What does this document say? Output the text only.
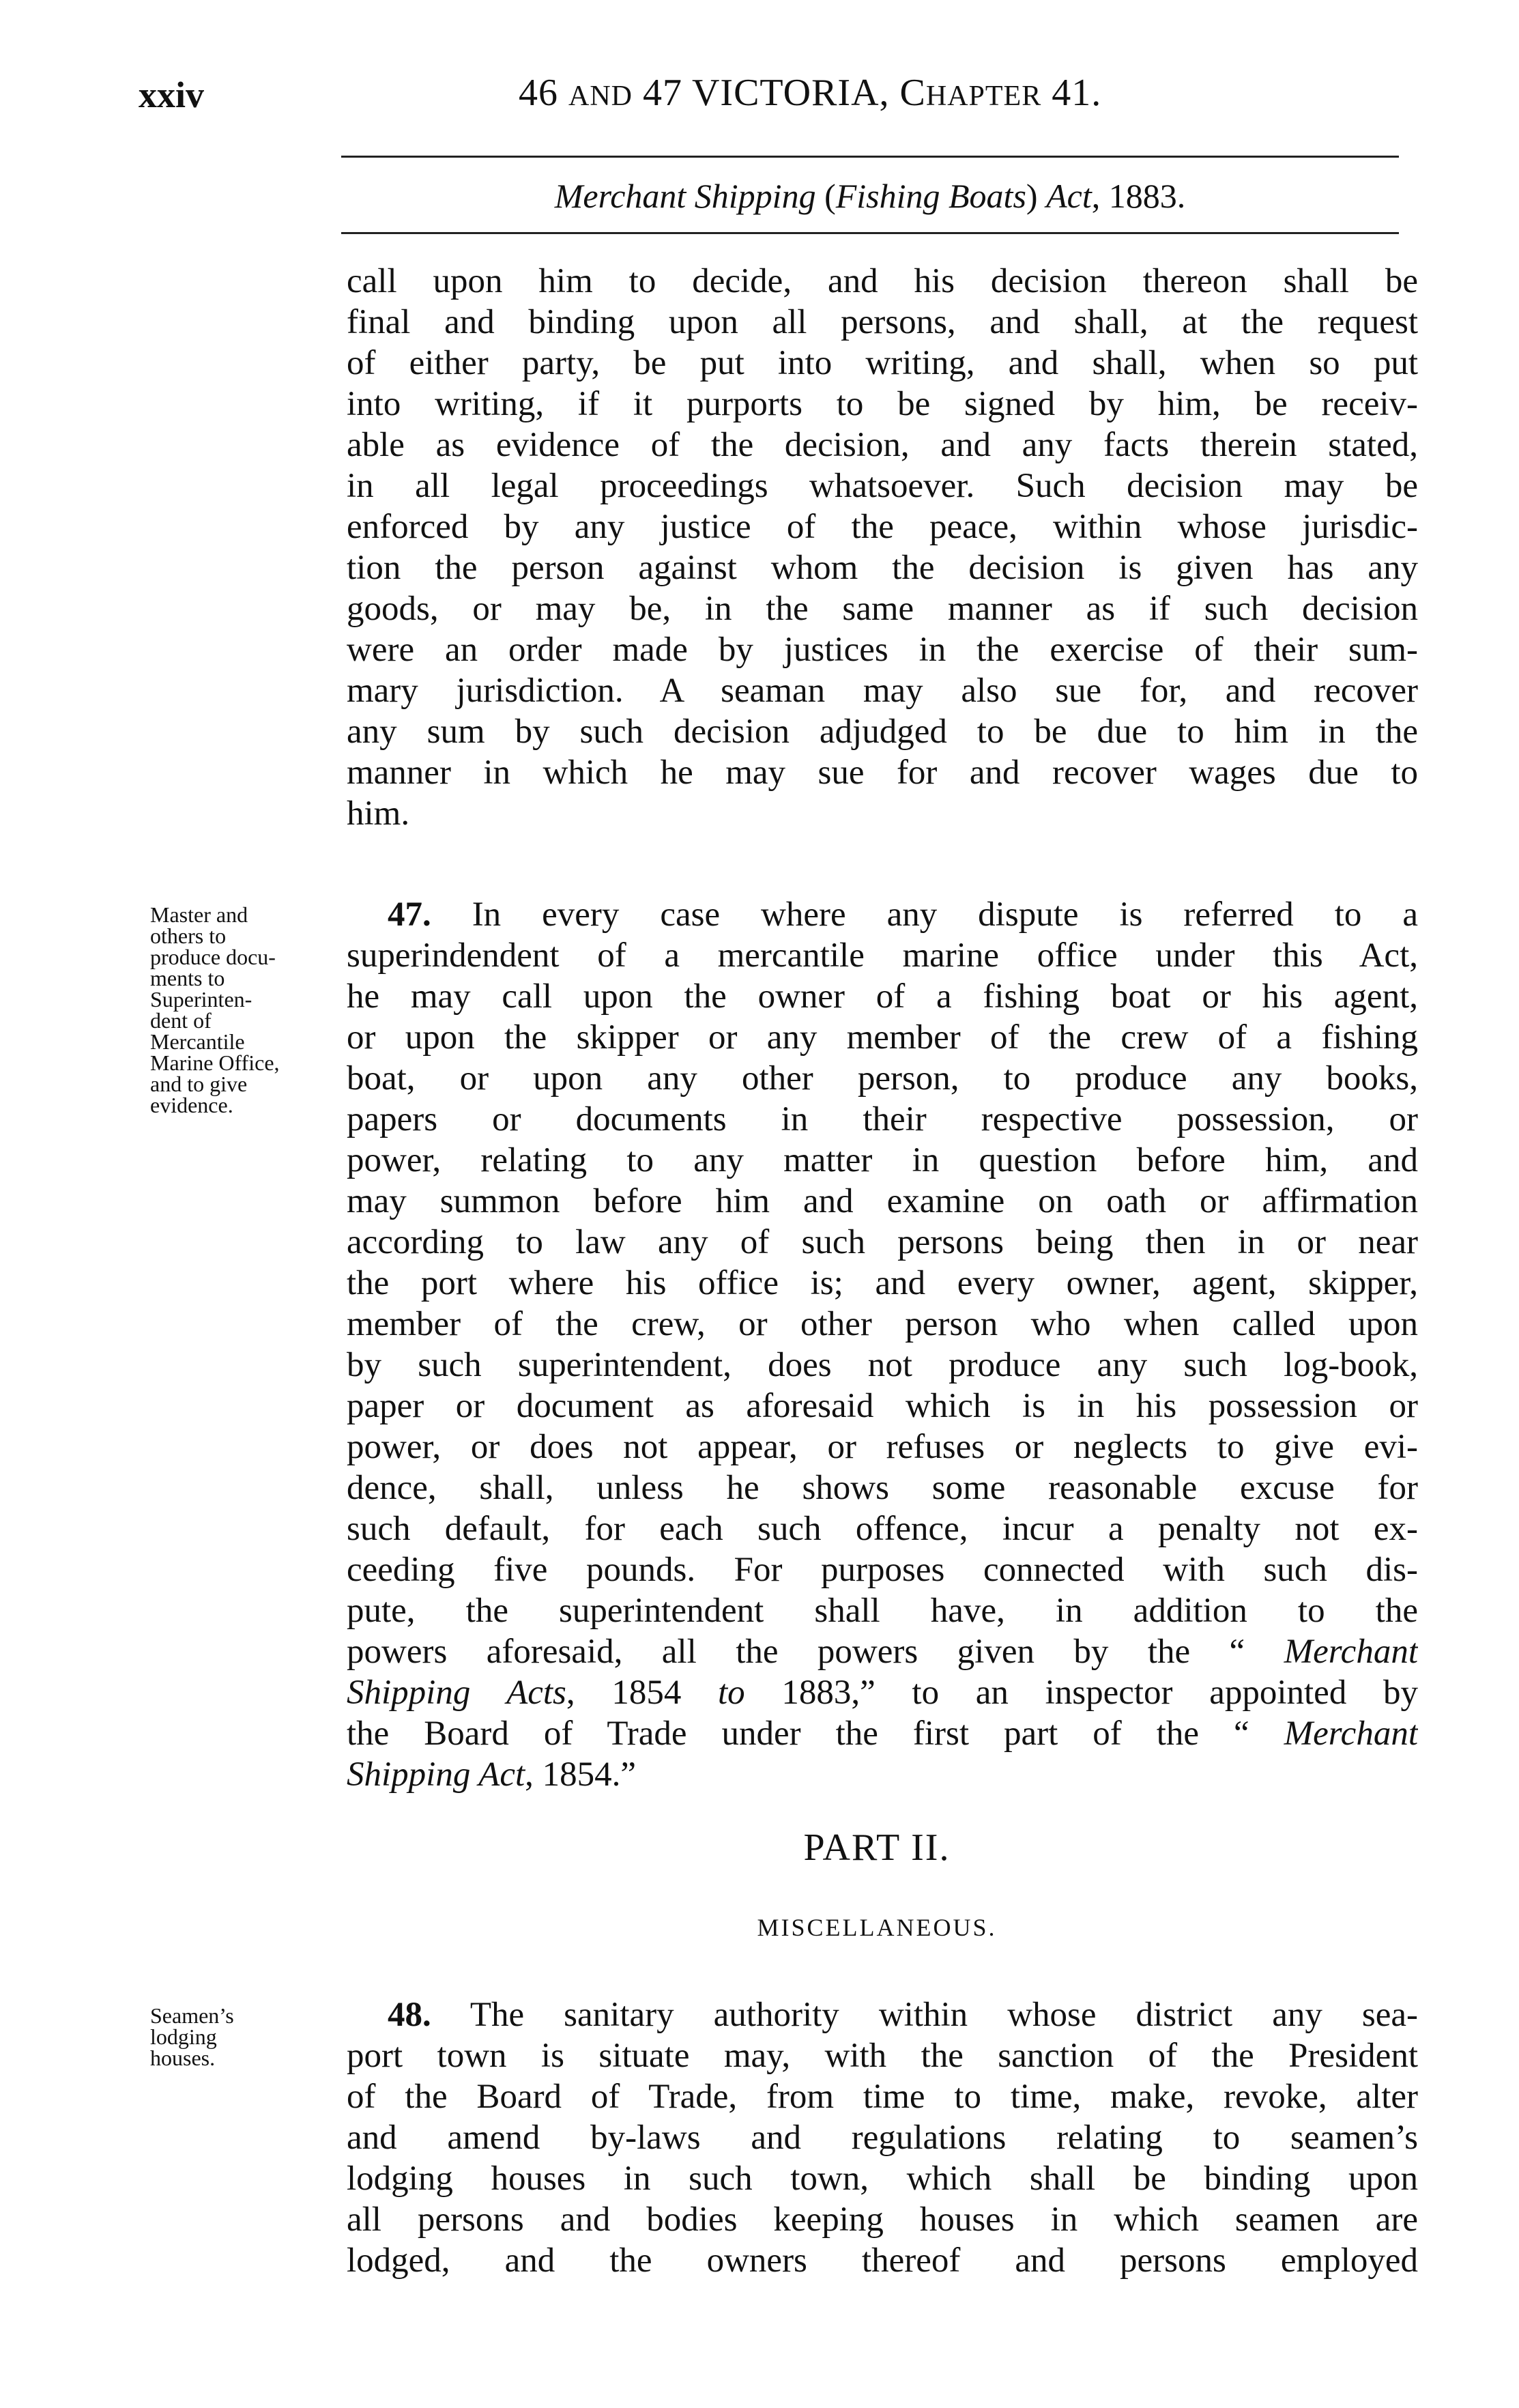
xxiv	46 AND 47 VICTORIA, CHAPTER 41.
Merchant Shipping (Fishing Boats) Act, 1883.
call upon him to decide, and his decision thereon shall be
final and binding upon all persons, and shall, at the request
of either party, be put into writing, and shall, when so put
into writing, if it purports to be signed by him, be receiv-
able as evidence of the decision, and any facts therein stated,
in all legal proceedings whatsoever. Such decision may be
enforced by any justice of the peace, within whose jurisdic-
tion the person against whom the decision is given has any
goods, or may be, in the same manner as if such decision
were an order made by justices in the exercise of their sum-
mary jurisdiction. A seaman may also sue for, and recover
any sum by such decision adjudged to be due to him in the
manner in which he may sue for and recover wages due to
him.
Master and
others to
produce docu-
ments to
Superinten-
dent of
Mercantile
Marine Office,
and to give
evidence.
47. In every case where any dispute is referred to a
superindendent of a mercantile marine office under this Act,
he may call upon the owner of a fishing boat or his agent,
or upon the skipper or any member of the crew of a fishing
boat, or upon any other person, to produce any books,
papers or documents in their respective possession, or
power, relating to any matter in question before him, and
may summon before him and examine on oath or affirmation
according to law any of such persons being then in or near
the port where his office is; and every owner, agent, skipper,
member of the crew, or other person who when called upon
by such superintendent, does not produce any such log-book,
paper or document as aforesaid which is in his possession or
power, or does not appear, or refuses or neglects to give evi-
dence, shall, unless he shows some reasonable excuse for
such default, for each such offence, incur a penalty not ex-
ceeding five pounds. For purposes connected with such dis-
pute, the superintendent shall have, in addition to the
powers aforesaid, all the powers given by the “ Merchant
Shipping Acts, 1854 to 1883,” to an inspector appointed by
the Board of Trade under the first part of the “ Merchant
Shipping Act, 1854.”
PART II.
MISCELLANEOUS.
Seamen’s
lodging
houses.
48. The sanitary authority within whose district any sea-
port town is situate may, with the sanction of the President
of the Board of Trade, from time to time, make, revoke, alter
and amend by-laws and regulations relating to seamen’s
lodging houses in such town, which shall be binding upon
all persons and bodies keeping houses in which seamen are
lodged, and the owners thereof and persons employed
